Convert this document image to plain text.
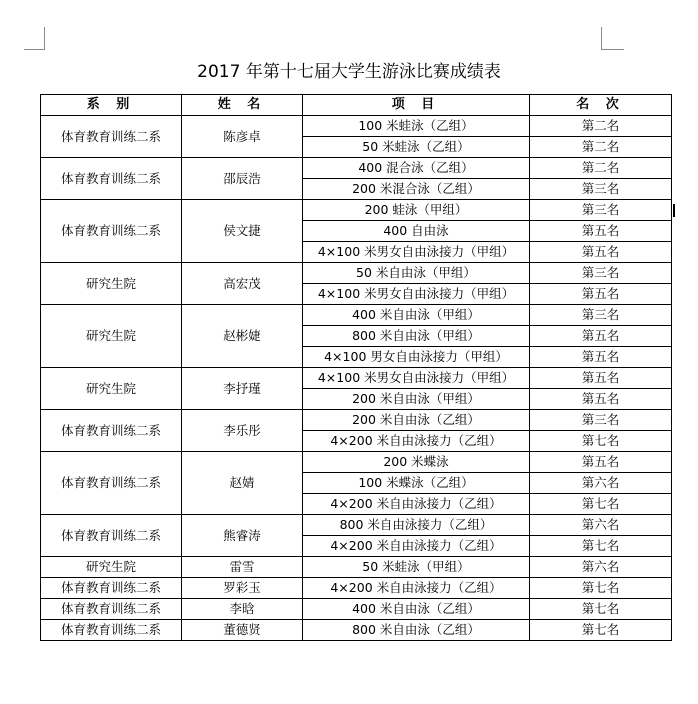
2017 年第十七届大学生游泳比赛成绩表
系 别	姓 名	项 目	名 次
体育教育训练二系	陈彦卓	100 米蛙泳（乙组）	第二名
		50 米蛙泳（乙组）	第二名
体育教育训练二系	邵辰浩	400 混合泳（乙组）	第二名
		200 米混合泳（乙组）	第三名
体育教育训练二系	侯文捷	200 蛙泳（甲组）	第三名
		400 自由泳	第五名
		4×100 米男女自由泳接力（甲组）	第五名
研究生院	高宏茂	50 米自由泳（甲组）	第三名
		4×100 米男女自由泳接力（甲组）	第五名
研究生院	赵彬婕	400 米自由泳（甲组）	第三名
		800 米自由泳（甲组）	第五名
		4×100 男女自由泳接力（甲组）	第五名
研究生院	李抒瑾	4×100 米男女自由泳接力（甲组）	第五名
		200 米自由泳（甲组）	第五名
体育教育训练二系	李乐彤	200 米自由泳（乙组）	第三名
		4×200 米自由泳接力（乙组）	第七名
体育教育训练二系	赵婧	200 米蝶泳	第五名
		100 米蝶泳（乙组）	第六名
		4×200 米自由泳接力（乙组）	第七名
体育教育训练二系	熊睿涛	800 米自由泳接力（乙组）	第六名
		4×200 米自由泳接力（乙组）	第七名
研究生院	雷雪	50 米蛙泳（甲组）	第六名
体育教育训练二系	罗彩玉	4×200 米自由泳接力（乙组）	第七名
体育教育训练二系	李晗	400 米自由泳（乙组）	第七名
体育教育训练二系	董德贤	800 米自由泳（乙组）	第七名
